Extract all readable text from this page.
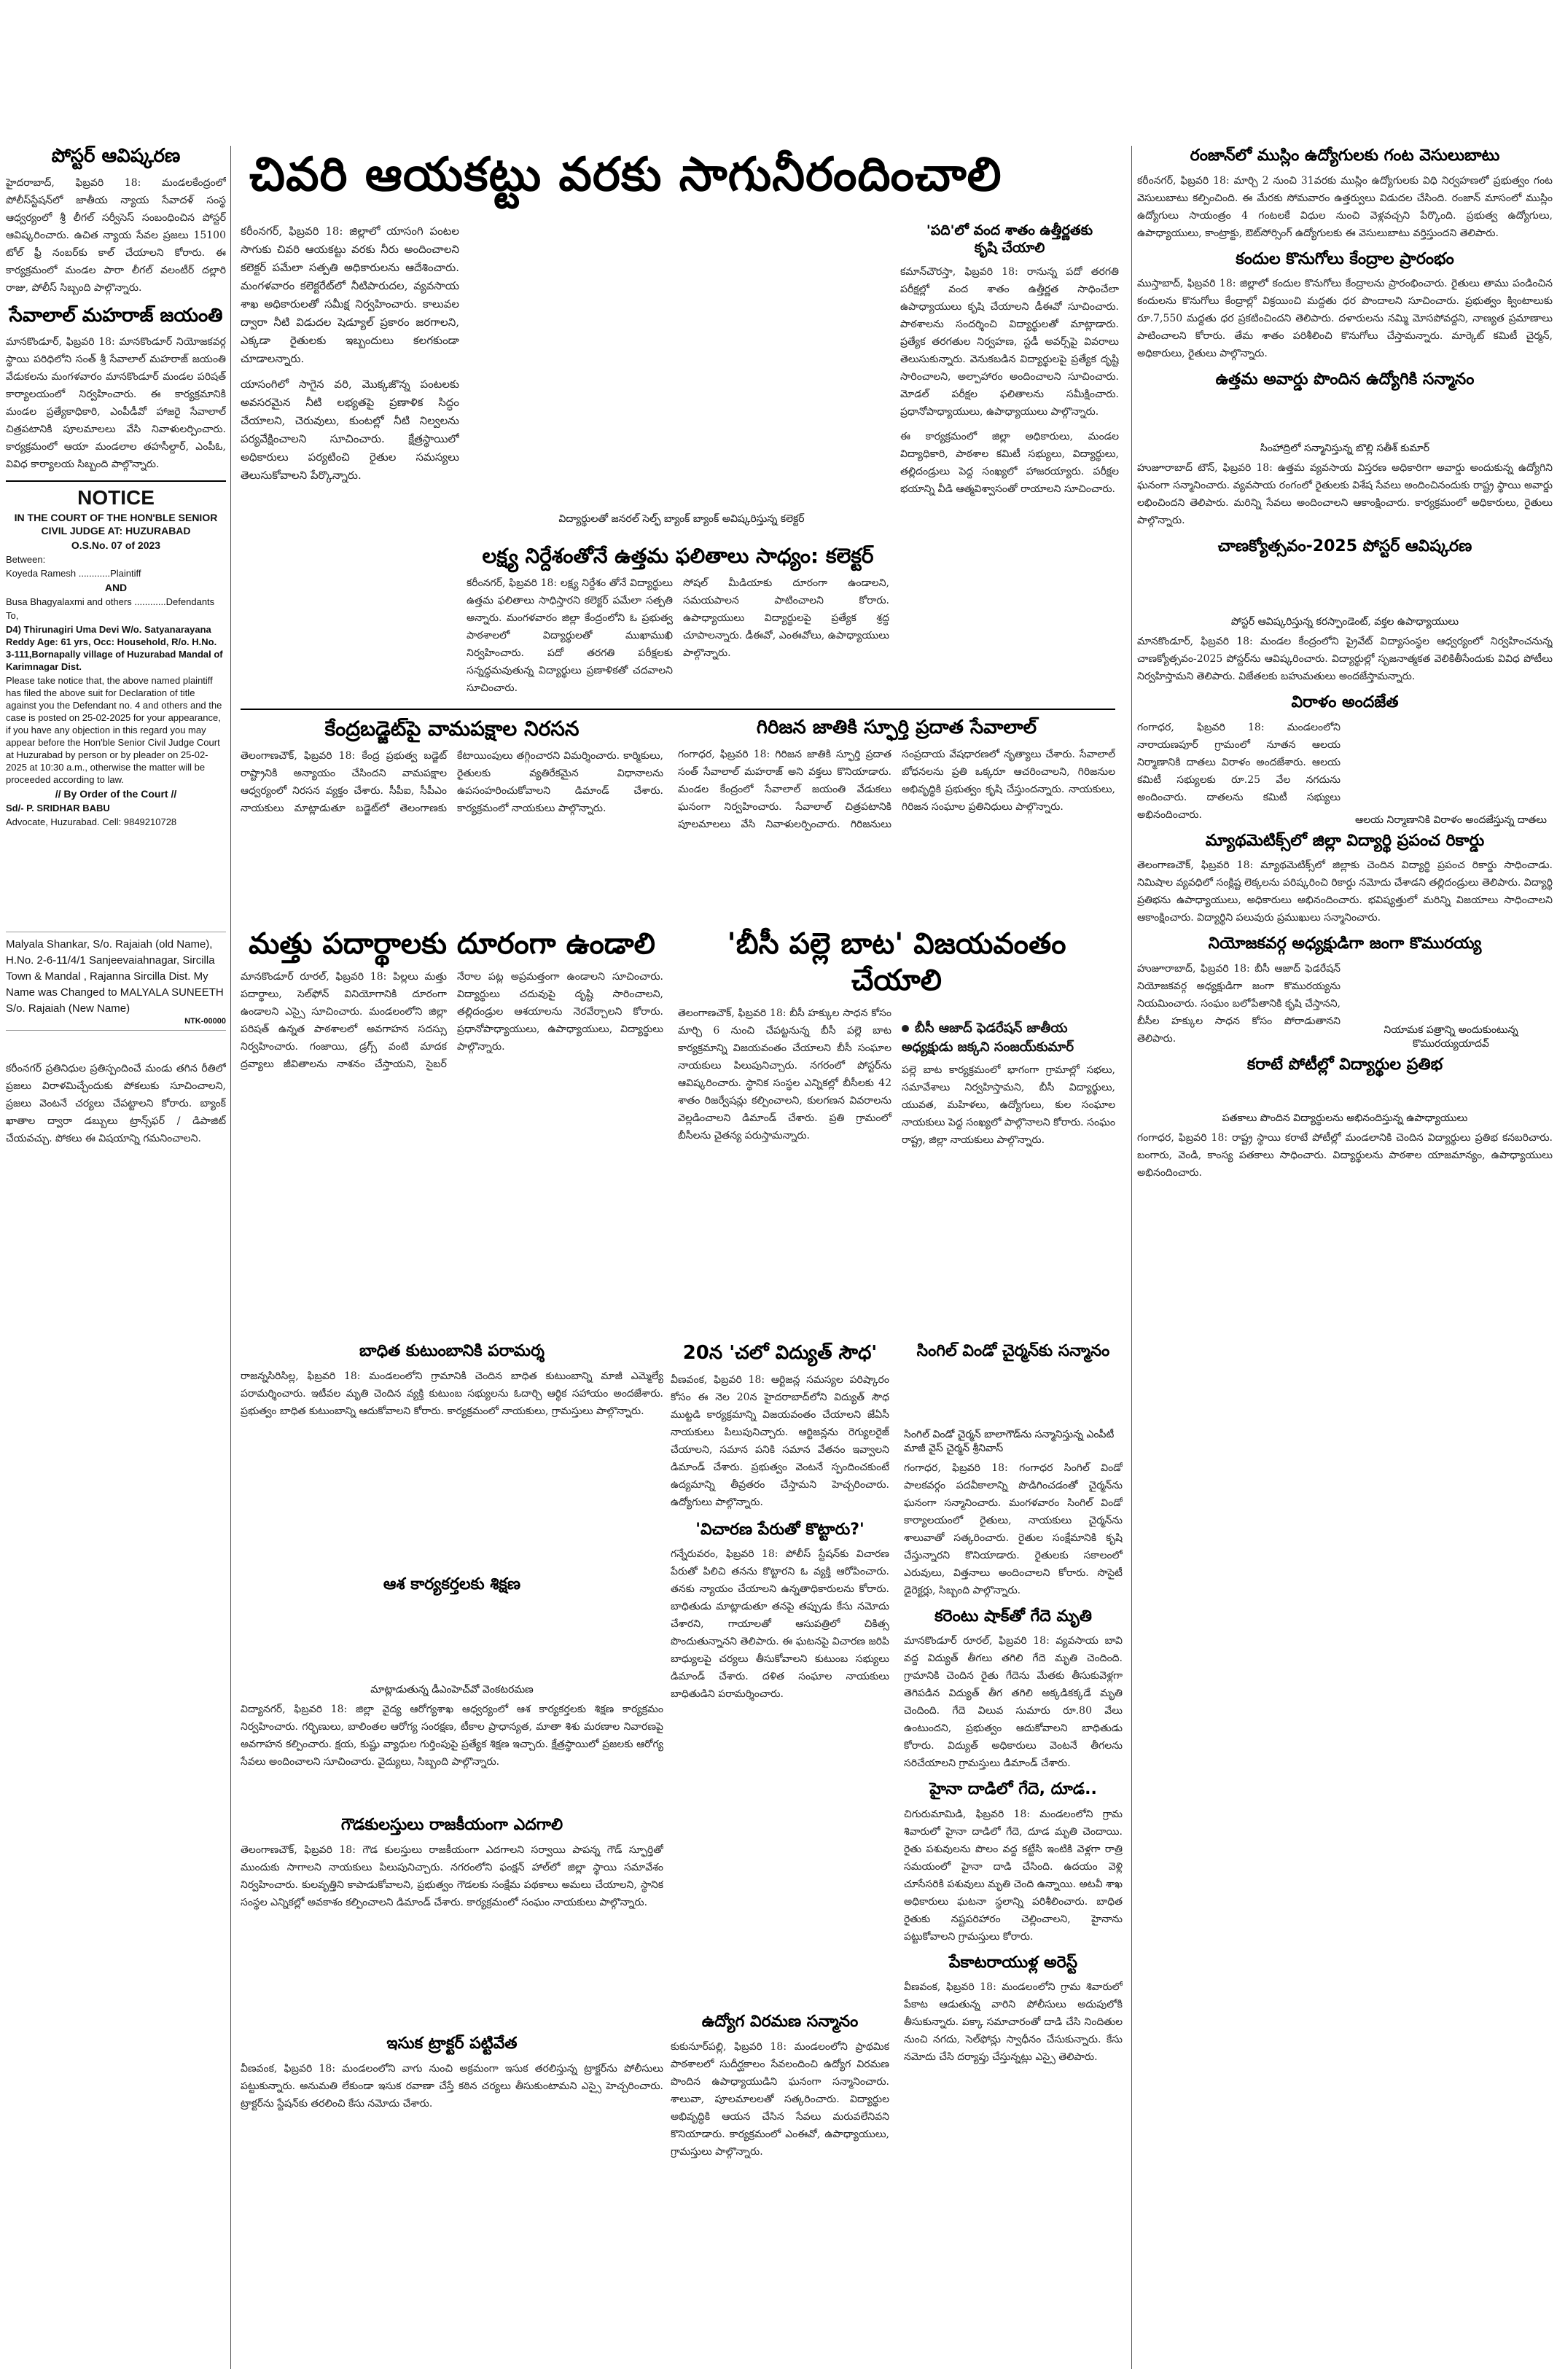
పోస్టర్ ఆవిష్కరణ
హైదరాబాద్, ఫిబ్రవరి 18: మండలకేంద్రంలో పోలీస్‌స్టేషన్‌లో జాతీయ న్యాయ సేవాదళ్ సంస్థ ఆధ్వర్యంలో శ్రీ లీగల్ సర్వీసెస్ సంబంధించిన పోస్టర్ ఆవిష్కరించారు. ఉచిత న్యాయ సేవల ప్రజలు 15100 టోల్ ఫ్రీ నంబర్‌కు కాల్ చేయాలని కోరారు. ఈ కార్యక్రమంలో మండల పారా లీగల్ వలంటీర్ దల్లారి రాజు, పోలీస్ సిబ్బంది పాల్గొన్నారు.
సేవాలాల్ మహరాజ్ జయంతి
మానకొండూర్, ఫిబ్రవరి 18: మానకొండూర్ నియోజకవర్గ స్థాయి పరిధిలోని సంత్ శ్రీ సేవాలాల్ మహరాజ్ జయంతి వేడుకలను మంగళవారం మానకొండూర్ మండల పరిషత్ కార్యాలయంలో నిర్వహించారు. ఈ కార్యక్రమానికి మండల ప్రత్యేకాధికారి, ఎంపీడీవో హాజరై సేవాలాల్ చిత్రపటానికి పూలమాలలు వేసి నివాళులర్పించారు. కార్యక్రమంలో ఆయా మండలాల తహసీల్దార్, ఎంపీఓ, వివిధ కార్యాలయ సిబ్బంది పాల్గొన్నారు.

NOTICE

IN THE COURT OF THE HON'BLE SENIOR CIVIL JUDGE AT: HUZURABAD

O.S.No. 07 of 2023

Between:

Koyeda Ramesh ............Plaintiff

AND

Busa Bhagyalaxmi and others ............Defendants

To,

D4) Thirunagiri Uma Devi W/o. Satyanarayana Reddy Age: 61 yrs, Occ: Household, R/o. H.No. 3-111,Bornapally village of Huzurabad Mandal of Karimnagar Dist.

Please take notice that, the above named plaintiff has filed the above suit for Declaration of title against you the Defendant no. 4 and others and the case is posted on 25-02-2025 for your appearance, if you have any objection in this regard you may appear before the Hon'ble Senior Civil Judge Court at Huzurabad by person or by pleader on 25-02-2025 at 10:30 a.m., otherwise the matter will be proceeded according to law.

// By Order of the Court //

Sd/- P. SRIDHAR BABU

Advocate, Huzurabad. Cell: 9849210728

Malyala Shankar, S/o. Rajaiah (old Name), H.No. 2-6-11/4/1 Sanjeevaiahnagar, Sircilla Town & Mandal , Rajanna Sircilla Dist. My Name was Changed to MALYALA SUNEETH S/o. Rajaiah (New Name)

NTK-00000

కరీంనగర్ ప్రతినిధుల ప్రతిస్పందించే మండు తగిన రీతిలో ప్రజలు విరాళమిచ్చేందుకు పోకలుకు సూచించాలని, ప్రజలు వెంటనే చర్యలు చేపట్టాలని కోరారు. బ్యాంక్ ఖాతాల ద్వారా డబ్బులు ట్రాన్స్‌ఫర్ / డిపాజిట్ చేయవచ్చు. పోకలు ఈ విషయాన్ని గమనించాలని.
చివరి ఆయకట్టు వరకు సాగునీరందించాలి
కరీంనగర్, ఫిబ్రవరి 18: జిల్లాలో యాసంగి పంటల సాగుకు చివరి ఆయకట్టు వరకు నీరు అందించాలని కలెక్టర్ పమేలా సత్పతి అధికారులను ఆదేశించారు. మంగళవారం కలెక్టరేట్‌లో నీటిపారుదల, వ్యవసాయ శాఖ అధికారులతో సమీక్ష నిర్వహించారు. కాలువల ద్వారా నీటి విడుదల షెడ్యూల్ ప్రకారం జరగాలని, ఎక్కడా రైతులకు ఇబ్బందులు కలగకుండా చూడాలన్నారు.
యాసంగిలో సాగైన వరి, మొక్కజొన్న పంటలకు అవసరమైన నీటి లభ్యతపై ప్రణాళిక సిద్ధం చేయాలని, చెరువులు, కుంటల్లో నీటి నిల్వలను పర్యవేక్షించాలని సూచించారు. క్షేత్రస్థాయిలో అధికారులు పర్యటించి రైతుల సమస్యలు తెలుసుకోవాలని పేర్కొన్నారు.
విద్యార్థులతో జనరల్ సెల్ఫ్ బ్యాంక్ బ్యాంక్ అవిష్కరిస్తున్న కలెక్టర్
లక్ష్య నిర్దేశంతోనే ఉత్తమ ఫలితాలు సాధ్యం: కలెక్టర్
కరీంనగర్, ఫిబ్రవరి 18: లక్ష్య నిర్దేశం తోనే విద్యార్థులు ఉత్తమ ఫలితాలు సాధిస్తారని కలెక్టర్ పమేలా సత్పతి అన్నారు. మంగళవారం జిల్లా కేంద్రంలోని ఓ ప్రభుత్వ పాఠశాలలో విద్యార్థులతో ముఖాముఖి నిర్వహించారు. పదో తరగతి పరీక్షలకు సన్నద్ధమవుతున్న విద్యార్థులు ప్రణాళికతో చదవాలని సూచించారు.
సోషల్ మీడియాకు దూరంగా ఉండాలని, సమయపాలన పాటించాలని కోరారు. ఉపాధ్యాయులు విద్యార్థులపై ప్రత్యేక శ్రద్ధ చూపాలన్నారు. డీఈవో, ఎంఈవోలు, ఉపాధ్యాయులు పాల్గొన్నారు.
కేంద్రబడ్జెట్‌పై వామపక్షాల నిరసన
తెలంగాణచౌక్, ఫిబ్రవరి 18: కేంద్ర ప్రభుత్వ బడ్జెట్ రాష్ట్రానికి అన్యాయం చేసిందని వామపక్షాల ఆధ్వర్యంలో నిరసన వ్యక్తం చేశారు. సీపీఐ, సీపీఎం నాయకులు మాట్లాడుతూ బడ్జెట్‌లో తెలంగాణకు కేటాయింపులు తగ్గించారని విమర్శించారు. కార్మికులు, రైతులకు వ్యతిరేకమైన విధానాలను ఉపసంహరించుకోవాలని డిమాండ్ చేశారు. కార్యక్రమంలో నాయకులు పాల్గొన్నారు.
మత్తు పదార్థాలకు దూరంగా ఉండాలి
మానకొండూర్ రూరల్, ఫిబ్రవరి 18: పిల్లలు మత్తు పదార్థాలు, సెల్‌ఫోన్ వినియోగానికి దూరంగా ఉండాలని ఎస్సై సూచించారు. మండలంలోని జిల్లా పరిషత్ ఉన్నత పాఠశాలలో అవగాహన సదస్సు నిర్వహించారు. గంజాయి, డ్రగ్స్ వంటి మాదక ద్రవ్యాలు జీవితాలను నాశనం చేస్తాయని, సైబర్ నేరాల పట్ల అప్రమత్తంగా ఉండాలని సూచించారు. విద్యార్థులు చదువుపై దృష్టి సారించాలని, తల్లిదండ్రుల ఆశయాలను నెరవేర్చాలని కోరారు. ప్రధానోపాధ్యాయులు, ఉపాధ్యాయులు, విద్యార్థులు పాల్గొన్నారు.
బాధిత కుటుంబానికి పరామర్శ
రాజన్నసిరిసిల్ల, ఫిబ్రవరి 18: మండలంలోని గ్రామానికి చెందిన బాధిత కుటుంబాన్ని మాజీ ఎమ్మెల్యే పరామర్శించారు. ఇటీవల మృతి చెందిన వ్యక్తి కుటుంబ సభ్యులను ఓదార్చి ఆర్థిక సహాయం అందజేశారు. ప్రభుత్వం బాధిత కుటుంబాన్ని ఆదుకోవాలని కోరారు. కార్యక్రమంలో నాయకులు, గ్రామస్తులు పాల్గొన్నారు.
ఆశ కార్యకర్తలకు శిక్షణ
మాట్లాడుతున్న డీఎంహెచ్‌వో వెంకటరమణ
విద్యానగర్, ఫిబ్రవరి 18: జిల్లా వైద్య ఆరోగ్యశాఖ ఆధ్వర్యంలో ఆశ కార్యకర్తలకు శిక్షణ కార్యక్రమం నిర్వహించారు. గర్భిణులు, బాలింతల ఆరోగ్య సంరక్షణ, టీకాల ప్రాధాన్యత, మాతా శిశు మరణాల నివారణపై అవగాహన కల్పించారు. క్షయ, కుష్టు వ్యాధుల గుర్తింపుపై ప్రత్యేక శిక్షణ ఇచ్చారు. క్షేత్రస్థాయిలో ప్రజలకు ఆరోగ్య సేవలు అందించాలని సూచించారు. వైద్యులు, సిబ్బంది పాల్గొన్నారు.
గౌడకులస్తులు రాజకీయంగా ఎదగాలి
తెలంగాణచౌక్, ఫిబ్రవరి 18: గౌడ కులస్తులు రాజకీయంగా ఎదగాలని సర్వాయి పాపన్న గౌడ్ స్ఫూర్తితో ముందుకు సాగాలని నాయకులు పిలుపునిచ్చారు. నగరంలోని ఫంక్షన్ హాల్‌లో జిల్లా స్థాయి సమావేశం నిర్వహించారు. కులవృత్తిని కాపాడుకోవాలని, ప్రభుత్వం గౌడలకు సంక్షేమ పథకాలు అమలు చేయాలని, స్థానిక సంస్థల ఎన్నికల్లో అవకాశం కల్పించాలని డిమాండ్ చేశారు. కార్యక్రమంలో సంఘం నాయకులు పాల్గొన్నారు.
ఇసుక ట్రాక్టర్ పట్టివేత
వీణవంక, ఫిబ్రవరి 18: మండలంలోని వాగు నుంచి అక్రమంగా ఇసుక తరలిస్తున్న ట్రాక్టర్‌ను పోలీసులు పట్టుకున్నారు. అనుమతి లేకుండా ఇసుక రవాణా చేస్తే కఠిన చర్యలు తీసుకుంటామని ఎస్సై హెచ్చరించారు. ట్రాక్టర్‌ను స్టేషన్‌కు తరలించి కేసు నమోదు చేశారు.
'పది'లో వంద శాతం ఉత్తీర్ణతకు
కృషి చేయాలి
కమాన్‌చౌరస్తా, ఫిబ్రవరి 18: రానున్న పదో తరగతి పరీక్షల్లో వంద శాతం ఉత్తీర్ణత సాధించేలా ఉపాధ్యాయులు కృషి చేయాలని డీఈవో సూచించారు. పాఠశాలను సందర్శించి విద్యార్థులతో మాట్లాడారు. ప్రత్యేక తరగతుల నిర్వహణ, స్టడీ అవర్స్‌పై వివరాలు తెలుసుకున్నారు. వెనుకబడిన విద్యార్థులపై ప్రత్యేక దృష్టి సారించాలని, అల్పాహారం అందించాలని సూచించారు. మోడల్ పరీక్షల ఫలితాలను సమీక్షించారు. ప్రధానోపాధ్యాయులు, ఉపాధ్యాయులు పాల్గొన్నారు.
ఈ కార్యక్రమంలో జిల్లా అధికారులు, మండల విద్యాధికారి, పాఠశాల కమిటీ సభ్యులు, విద్యార్థులు, తల్లిదండ్రులు పెద్ద సంఖ్యలో హాజరయ్యారు. పరీక్షల భయాన్ని వీడి ఆత్మవిశ్వాసంతో రాయాలని సూచించారు.
గిరిజన జాతికి స్ఫూర్తి ప్రదాత సేవాలాల్
గంగాధర, ఫిబ్రవరి 18: గిరిజన జాతికి స్ఫూర్తి ప్రదాత సంత్ సేవాలాల్ మహరాజ్ అని వక్తలు కొనియాడారు. మండల కేంద్రంలో సేవాలాల్ జయంతి వేడుకలు ఘనంగా నిర్వహించారు. సేవాలాల్ చిత్రపటానికి పూలమాలలు వేసి నివాళులర్పించారు. గిరిజనులు సంప్రదాయ వేషధారణలో నృత్యాలు చేశారు. సేవాలాల్ బోధనలను ప్రతి ఒక్కరూ ఆచరించాలని, గిరిజనుల అభివృద్ధికి ప్రభుత్వం కృషి చేస్తుందన్నారు. నాయకులు, గిరిజన సంఘాల ప్రతినిధులు పాల్గొన్నారు.
'బీసీ పల్లె బాట' విజయవంతం చేయాలి
తెలంగాణచౌక్, ఫిబ్రవరి 18: బీసీ హక్కుల సాధన కోసం మార్చి 6 నుంచి చేపట్టనున్న బీసీ పల్లె బాట కార్యక్రమాన్ని విజయవంతం చేయాలని బీసీ సంఘాల నాయకులు పిలుపునిచ్చారు. నగరంలో పోస్టర్‌ను ఆవిష్కరించారు. స్థానిక సంస్థల ఎన్నికల్లో బీసీలకు 42 శాతం రిజర్వేషన్లు కల్పించాలని, కులగణన వివరాలను వెల్లడించాలని డిమాండ్ చేశారు. ప్రతి గ్రామంలో బీసీలను చైతన్య పరుస్తామన్నారు.
బీసీ ఆజాద్ ఫెడరేషన్ జాతీయ అధ్యక్షుడు జక్కని సంజయ్‌కుమార్
పల్లె బాట కార్యక్రమంలో భాగంగా గ్రామాల్లో సభలు, సమావేశాలు నిర్వహిస్తామని, బీసీ విద్యార్థులు, యువత, మహిళలు, ఉద్యోగులు, కుల సంఘాల నాయకులు పెద్ద సంఖ్యలో పాల్గొనాలని కోరారు. సంఘం రాష్ట్ర, జిల్లా నాయకులు పాల్గొన్నారు.
20న 'చలో విద్యుత్ సౌధ'
వీణవంక, ఫిబ్రవరి 18: ఆర్టిజన్ల సమస్యల పరిష్కారం కోసం ఈ నెల 20న హైదరాబాద్‌లోని విద్యుత్ సౌధ ముట్టడి కార్యక్రమాన్ని విజయవంతం చేయాలని జేఏసీ నాయకులు పిలుపునిచ్చారు. ఆర్టిజన్లను రెగ్యులరైజ్ చేయాలని, సమాన పనికి సమాన వేతనం ఇవ్వాలని డిమాండ్ చేశారు. ప్రభుత్వం వెంటనే స్పందించకుంటే ఉద్యమాన్ని తీవ్రతరం చేస్తామని హెచ్చరించారు. ఉద్యోగులు పాల్గొన్నారు.
'విచారణ పేరుతో కొట్టారు?'
గన్నేరువరం, ఫిబ్రవరి 18: పోలీస్ స్టేషన్‌కు విచారణ పేరుతో పిలిచి తనను కొట్టారని ఓ వ్యక్తి ఆరోపించారు. తనకు న్యాయం చేయాలని ఉన్నతాధికారులను కోరారు. బాధితుడు మాట్లాడుతూ తనపై తప్పుడు కేసు నమోదు చేశారని, గాయాలతో ఆసుపత్రిలో చికిత్స పొందుతున్నానని తెలిపారు. ఈ ఘటనపై విచారణ జరిపి బాధ్యులపై చర్యలు తీసుకోవాలని కుటుంబ సభ్యులు డిమాండ్ చేశారు. దళిత సంఘాల నాయకులు బాధితుడిని పరామర్శించారు.
ఉద్యోగ విరమణ సన్మానం
కుకునూర్‌పల్లి, ఫిబ్రవరి 18: మండలంలోని ప్రాథమిక పాఠశాలలో సుదీర్ఘకాలం సేవలందించి ఉద్యోగ విరమణ పొందిన ఉపాధ్యాయుడిని ఘనంగా సన్మానించారు. శాలువా, పూలమాలలతో సత్కరించారు. విద్యార్థుల అభివృద్ధికి ఆయన చేసిన సేవలు మరువలేనివని కొనియాడారు. కార్యక్రమంలో ఎంఈవో, ఉపాధ్యాయులు, గ్రామస్తులు పాల్గొన్నారు.
సింగిల్ విండో చైర్మన్‌కు సన్మానం
సింగిల్ విండో చైర్మన్ బాలాగౌడ్‌ను సన్మానిస్తున్న ఎంపీటీ మాజీ వైస్ చైర్మన్ శ్రీనివాస్
గంగాధర, ఫిబ్రవరి 18: గంగాధర సింగిల్ విండో పాలకవర్గం పదవీకాలాన్ని పొడిగించడంతో చైర్మన్‌ను ఘనంగా సన్మానించారు. మంగళవారం సింగిల్ విండో కార్యాలయంలో రైతులు, నాయకులు చైర్మన్‌ను శాలువాతో సత్కరించారు. రైతుల సంక్షేమానికి కృషి చేస్తున్నారని కొనియాడారు. రైతులకు సకాలంలో ఎరువులు, విత్తనాలు అందించాలని కోరారు. సొసైటీ డైరెక్టర్లు, సిబ్బంది పాల్గొన్నారు.
కరెంటు షాక్‌తో గేదె మృతి
మానకొండూర్ రూరల్, ఫిబ్రవరి 18: వ్యవసాయ బావి వద్ద విద్యుత్ తీగలు తగిలి గేదె మృతి చెందింది. గ్రామానికి చెందిన రైతు గేదెను మేతకు తీసుకువెళ్లగా తెగిపడిన విద్యుత్ తీగ తగిలి అక్కడికక్కడే మృతి చెందింది. గేదె విలువ సుమారు రూ.80 వేలు ఉంటుందని, ప్రభుత్వం ఆదుకోవాలని బాధితుడు కోరారు. విద్యుత్ అధికారులు వెంటనే తీగలను సరిచేయాలని గ్రామస్తులు డిమాండ్ చేశారు.
హైనా దాడిలో గేదె, దూడ..
చిగురుమామిడి, ఫిబ్రవరి 18: మండలంలోని గ్రామ శివారులో హైనా దాడిలో గేదె, దూడ మృతి చెందాయి. రైతు పశువులను పొలం వద్ద కట్టేసి ఇంటికి వెళ్లగా రాత్రి సమయంలో హైనా దాడి చేసింది. ఉదయం వెళ్లి చూసేసరికి పశువులు మృతి చెంది ఉన్నాయి. అటవీ శాఖ అధికారులు ఘటనా స్థలాన్ని పరిశీలించారు. బాధిత రైతుకు నష్టపరిహారం చెల్లించాలని, హైనాను పట్టుకోవాలని గ్రామస్తులు కోరారు.
పేకాటరాయుళ్ల అరెస్ట్
వీణవంక, ఫిబ్రవరి 18: మండలంలోని గ్రామ శివారులో పేకాట ఆడుతున్న వారిని పోలీసులు అదుపులోకి తీసుకున్నారు. పక్కా సమాచారంతో దాడి చేసి నిందితుల నుంచి నగదు, సెల్‌ఫోన్లు స్వాధీనం చేసుకున్నారు. కేసు నమోదు చేసి దర్యాప్తు చేస్తున్నట్లు ఎస్సై తెలిపారు.
రంజాన్‌లో ముస్లిం ఉద్యోగులకు గంట వెసులుబాటు
కరీంనగర్, ఫిబ్రవరి 18: మార్చి 2 నుంచి 31వరకు ముస్లిం ఉద్యోగులకు విధి నిర్వహణలో ప్రభుత్వం గంట వెసులుబాటు కల్పించింది. ఈ మేరకు సోమవారం ఉత్తర్వులు విడుదల చేసింది. రంజాన్ మాసంలో ముస్లిం ఉద్యోగులు సాయంత్రం 4 గంటలకే విధుల నుంచి వెళ్లవచ్చని పేర్కొంది. ప్రభుత్వ ఉద్యోగులు, ఉపాధ్యాయులు, కాంట్రాక్టు, ఔట్‌సోర్సింగ్ ఉద్యోగులకు ఈ వెసులుబాటు వర్తిస్తుందని తెలిపారు.
కందుల కొనుగోలు కేంద్రాల ప్రారంభం
ముస్తాబాద్, ఫిబ్రవరి 18: జిల్లాలో కందుల కొనుగోలు కేంద్రాలను ప్రారంభించారు. రైతులు తాము పండించిన కందులను కొనుగోలు కేంద్రాల్లో విక్రయించి మద్దతు ధర పొందాలని సూచించారు. ప్రభుత్వం క్వింటాలుకు రూ.7,550 మద్దతు ధర ప్రకటించిందని తెలిపారు. దళారులను నమ్మి మోసపోవద్దని, నాణ్యత ప్రమాణాలు పాటించాలని కోరారు. తేమ శాతం పరిశీలించి కొనుగోలు చేస్తామన్నారు. మార్కెట్ కమిటీ చైర్మన్, అధికారులు, రైతులు పాల్గొన్నారు.
ఉత్తమ అవార్డు పొందిన ఉద్యోగికి సన్మానం
సింహాద్రిలో సన్మానిస్తున్న బొల్లి సతీశ్ కుమార్
హుజూరాబాద్ టౌన్, ఫిబ్రవరి 18: ఉత్తమ వ్యవసాయ విస్తరణ అధికారిగా అవార్డు అందుకున్న ఉద్యోగిని ఘనంగా సన్మానించారు. వ్యవసాయ రంగంలో రైతులకు విశేష సేవలు అందించినందుకు రాష్ట్ర స్థాయి అవార్డు లభించిందని తెలిపారు. మరిన్ని సేవలు అందించాలని ఆకాంక్షించారు. కార్యక్రమంలో అధికారులు, రైతులు పాల్గొన్నారు.
చాణక్యోత్సవం-2025 పోస్టర్ ఆవిష్కరణ
పోస్టర్ ఆవిష్కరిస్తున్న కరస్పాండెంట్, వక్తల ఉపాధ్యాయులు
మానకొండూర్, ఫిబ్రవరి 18: మండల కేంద్రంలోని ప్రైవేట్ విద్యాసంస్థల ఆధ్వర్యంలో నిర్వహించనున్న చాణక్యోత్సవం-2025 పోస్టర్‌ను ఆవిష్కరించారు. విద్యార్థుల్లో సృజనాత్మకత వెలికితీసేందుకు వివిధ పోటీలు నిర్వహిస్తామని తెలిపారు. విజేతలకు బహుమతులు అందజేస్తామన్నారు.
విరాళం అందజేత
గంగాధర, ఫిబ్రవరి 18: మండలంలోని నారాయణపూర్ గ్రామంలో నూతన ఆలయ నిర్మాణానికి దాతలు విరాళం అందజేశారు. ఆలయ కమిటీ సభ్యులకు రూ.25 వేల నగదును అందించారు. దాతలను కమిటీ సభ్యులు అభినందించారు.	ఆలయ నిర్మాణానికి విరాళం అందజేస్తున్న దాతలు
మ్యాథమెటిక్స్‌లో జిల్లా విద్యార్థి ప్రపంచ రికార్డు
తెలంగాణచౌక్, ఫిబ్రవరి 18: మ్యాథమెటిక్స్‌లో జిల్లాకు చెందిన విద్యార్థి ప్రపంచ రికార్డు సాధించాడు. నిమిషాల వ్యవధిలో సంక్లిష్ట లెక్కలను పరిష్కరించి రికార్డు నమోదు చేశాడని తల్లిదండ్రులు తెలిపారు. విద్యార్థి ప్రతిభను ఉపాధ్యాయులు, అధికారులు అభినందించారు. భవిష్యత్తులో మరిన్ని విజయాలు సాధించాలని ఆకాంక్షించారు. విద్యార్థిని పలువురు ప్రముఖులు సన్మానించారు.
నియోజకవర్గ అధ్యక్షుడిగా జంగా కొమురయ్య
హుజూరాబాద్, ఫిబ్రవరి 18: బీసీ ఆజాద్ ఫెడరేషన్ నియోజకవర్గ అధ్యక్షుడిగా జంగా కొమురయ్యను నియమించారు. సంఘం బలోపేతానికి కృషి చేస్తానని, బీసీల హక్కుల సాధన కోసం పోరాడుతానని తెలిపారు.
నియామక పత్రాన్ని అందుకుంటున్న కొమురయ్యయాదవ్
కరాటే పోటీల్లో విద్యార్థుల ప్రతిభ
పతకాలు పొందిన విద్యార్థులను అభినందిస్తున్న ఉపాధ్యాయులు
గంగాధర, ఫిబ్రవరి 18: రాష్ట్ర స్థాయి కరాటే పోటీల్లో మండలానికి చెందిన విద్యార్థులు ప్రతిభ కనబరిచారు. బంగారు, వెండి, కాంస్య పతకాలు సాధించారు. విద్యార్థులను పాఠశాల యాజమాన్యం, ఉపాధ్యాయులు అభినందించారు.
